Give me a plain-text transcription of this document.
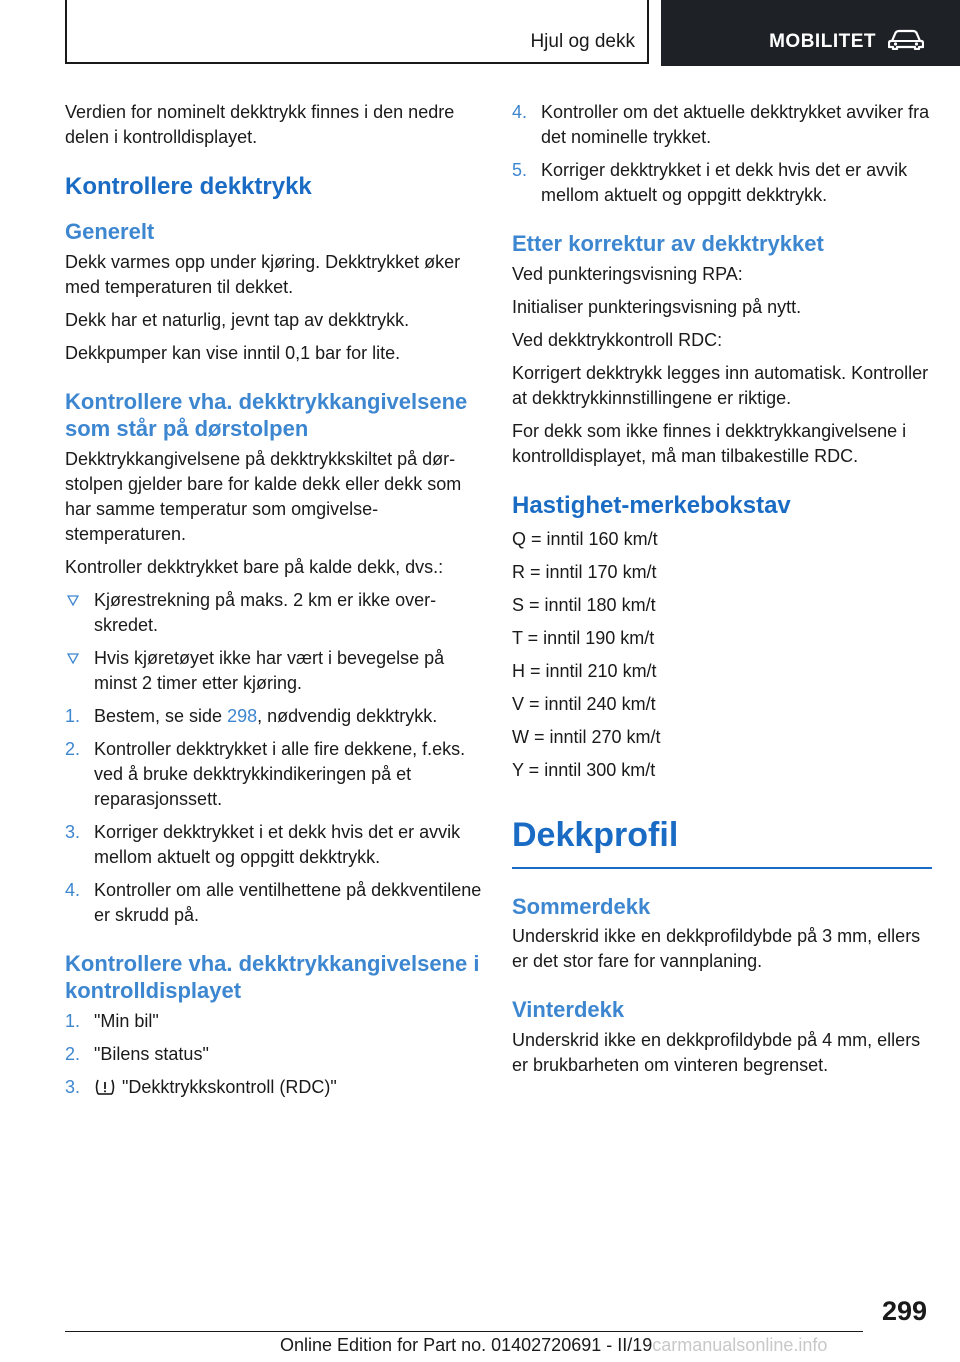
Hjul og dekk	MOBILITET

Verdien for nominelt dekktrykk finnes i den nedre delen i kontrolldisplayet.

Kontrollere dekktrykk
Generelt

Dekk varmes opp under kjøring. Dekktrykket øker med temperaturen til dekket.

Dekk har et naturlig, jevnt tap av dekktrykk.

Dekkpumper kan vise inntil 0,1 bar for lite.

Kontrollere vha. dekktrykkangivelsene som står på dørstolpen

Dekktrykkangivelsene på dekktrykkskiltet på dørstolpen gjelder bare for kalde dekk eller dekk som har samme temperatur som omgivelsestemperaturen.

Kontroller dekktrykket bare på kalde dekk, dvs.:

Kjørestrekning på maks. 2 km er ikke overskredet.
Hvis kjøretøyet ikke har vært i bevegelse på minst 2 timer etter kjøring.
1. Bestem, se side 298, nødvendig dekktrykk.
2. Kontroller dekktrykket i alle fire dekkene, f.eks. ved å bruke dekktrykkindikeringen på et reparasjonssett.
3. Korriger dekktrykket i et dekk hvis det er avvik mellom aktuelt og oppgitt dekktrykk.
4. Kontroller om alle ventilhettene på dekkventilene er skrudd på.
Kontrollere vha. dekktrykkangivelsene i kontrolldisplayet
1. "Min bil"
2. "Bilens status"
3. "Dekktrykkskontroll (RDC)"
4. Kontroller om det aktuelle dekktrykket avviker fra det nominelle trykket.
5. Korriger dekktrykket i et dekk hvis det er avvik mellom aktuelt og oppgitt dekktrykk.
Etter korrektur av dekktrykket

Ved punkteringsvisning RPA:

Initialiser punkteringsvisning på nytt.

Ved dekktrykkontroll RDC:

Korrigert dekktrykk legges inn automatisk. Kontroller at dekktrykkinnstillingene er riktige.

For dekk som ikke finnes i dekktrykkangivelsene i kontrolldisplayet, må man tilbakestille RDC.

Hastighet-merkebokstav

Q = inntil 160 km/t

R = inntil 170 km/t

S = inntil 180 km/t

T = inntil 190 km/t

H = inntil 210 km/t

V = inntil 240 km/t

W = inntil 270 km/t

Y = inntil 300 km/t

Dekkprofil
Sommerdekk

Underskrid ikke en dekkprofildybde på 3 mm, ellers er det stor fare for vannplaning.

Vinterdekk

Underskrid ikke en dekkprofildybde på 4 mm, ellers er brukbarheten om vinteren begrenset.

299
Online Edition for Part no. 01402720691 - II/19carmanualsonline.info
